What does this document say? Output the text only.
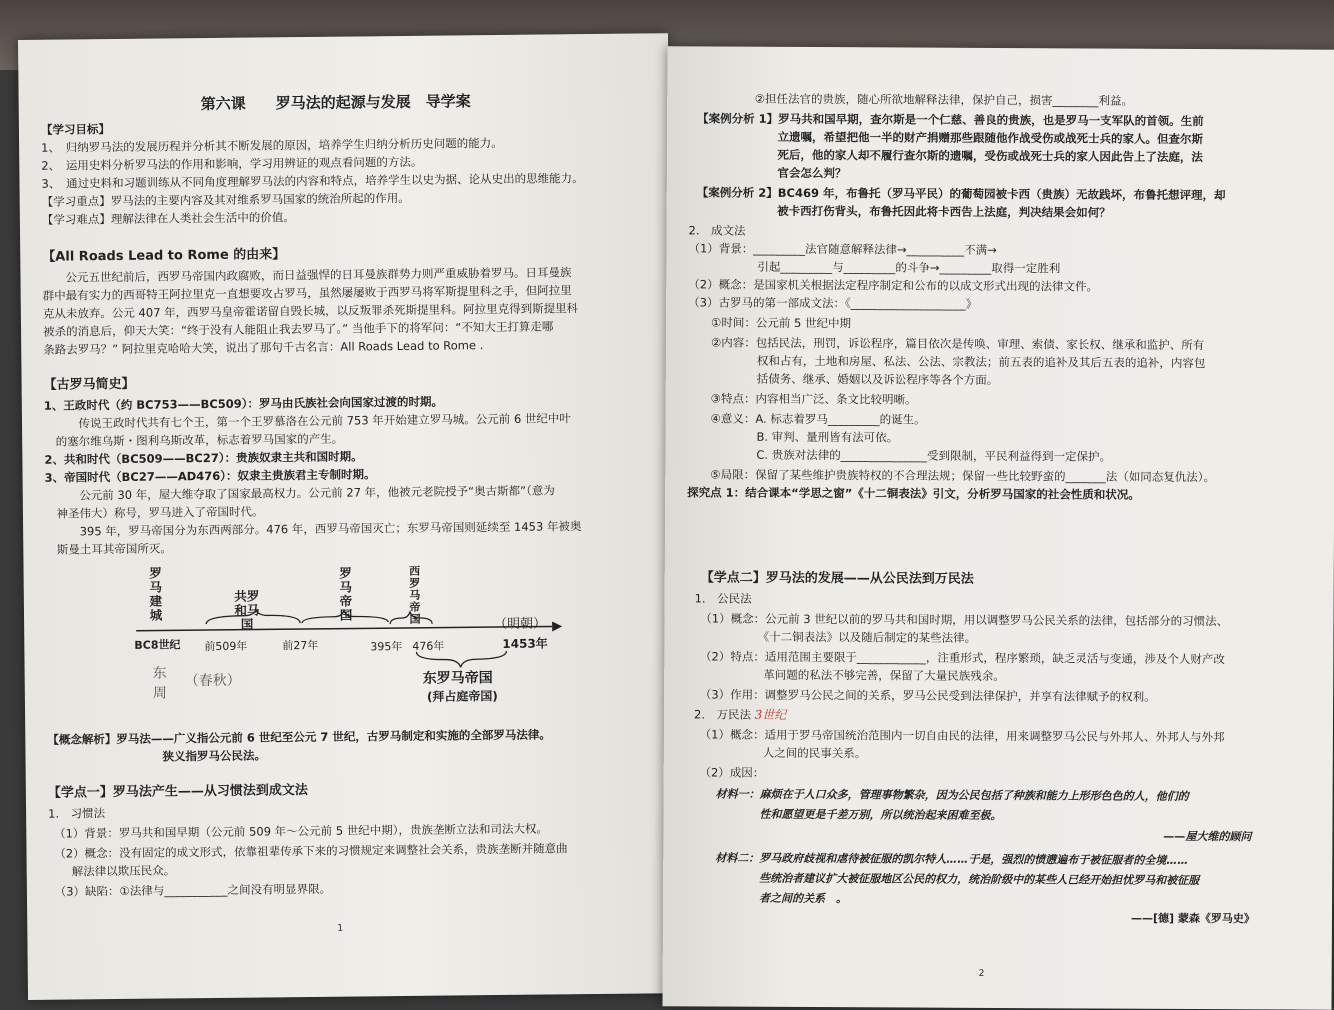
第六课　　罗马法的起源与发展　导学案
【学习目标】
1、　归纳罗马法的发展历程并分析其不断发展的原因，培养学生归纳分析历史问题的能力。
2、　运用史料分析罗马法的作用和影响，学习用辨证的观点看问题的方法。
3、　通过史料和习题训练从不同角度理解罗马法的内容和特点，培养学生以史为据、论从史出的思维能力。
【学习重点】罗马法的主要内容及其对维系罗马国家的统治所起的作用。
【学习难点】理解法律在人类社会生活中的价值。
【All Roads Lead to Rome 的由来】
　　公元五世纪前后，西罗马帝国内政腐败，而日益强悍的日耳曼族群势力则严重威胁着罗马。日耳曼族
群中最有实力的西哥特王阿拉里克一直想要攻占罗马，虽然屡屡败于西罗马将军斯提里科之手，但阿拉里
克从未放弃。公元 407 年，西罗马皇帝霍诺留自毁长城，以反叛罪杀死斯提里科。阿拉里克得到斯提里科
被杀的消息后，仰天大笑：“终于没有人能阻止我去罗马了。” 当他手下的将军问：“不知大王打算走哪
条路去罗马？” 阿拉里克哈哈大笑，说出了那句千古名言：All Roads Lead to Rome .
【古罗马简史】
1、王政时代（约 BC753——BC509）：罗马由氏族社会向国家过渡的时期。
　　　传说王政时代共有七个王，第一个王罗慕洛在公元前 753 年开始建立罗马城。公元前 6 世纪中叶
　的塞尔维乌斯・图利乌斯改革，标志着罗马国家的产生。
2、共和时代（BC509——BC27）：贵族奴隶主共和国时期。
3、帝国时代（BC27——AD476）：奴隶主贵族君主专制时期。
　　　公元前 30 年，屋大维夺取了国家最高权力。公元前 27 年，他被元老院授予“奥古斯都”（意为
　神圣伟大）称号，罗马进入了帝国时代。
　　　395 年，罗马帝国分为东西两部分。476 年，西罗马帝国灭亡；东罗马帝国则延续至 1453 年被奥
　斯曼土耳其帝国所灭。
罗马建城
共罗和马国
罗马帝国
西罗马帝国	（明朝）
BC8世纪 前509年	前27年	395年 476年	1453年
东
周
（春秋）	东罗马帝国
(拜占庭帝国)
【概念解析】罗马法——广义指公元前 6 世纪至公元 7 世纪，古罗马制定和实施的全部罗马法律。
　　　　　　　　　　狭义指罗马公民法。
【学点一】罗马法产生——从习惯法到成文法
1.　习惯法
　（1）背景：罗马共和国早期（公元前 509 年～公元前 5 世纪中期），贵族垄断立法和司法大权。
　（2）概念：没有固定的成文形式，依靠祖辈传承下来的习惯规定来调整社会关系，贵族垄断并随意曲
　　解法律以欺压民众。
　（3）缺陷：①法律与___________之间没有明显界限。
1
　　　　　②担任法官的贵族，随心所欲地解释法律，保护自己，损害________利益。
【案例分析 1】罗马共和国早期，查尔斯是一个仁慈、善良的贵族，也是罗马一支军队的首领。生前
　　　　　　　立遗嘱，希望把他一半的财产捐赠那些跟随他作战受伤或战死士兵的家人。但查尔斯
　　　　　　　死后，他的家人却不履行查尔斯的遗嘱，受伤或战死士兵的家人因此告上了法庭，法
　　　　　　　官会怎么判？
【案例分析 2】BC469 年，布鲁托（罗马平民）的葡萄园被卡西（贵族）无故践坏，布鲁托想评理，却
　　　　　　　被卡西打伤背头，布鲁托因此将卡西告上法庭，判决结果会如何？
2.　成文法
（1）背景：_________法官随意解释法律→__________不满→
　　　　　　引起_________与_________的斗争→_________取得一定胜利
（2）概念：是国家机关根据法定程序制定和公布的以成文形式出现的法律文件。
（3）古罗马的第一部成文法：《____________________》
　　①时间：公元前 5 世纪中期
　　②内容：包括民法，刑罚，诉讼程序，篇目依次是传唤、审理、索债、家长权、继承和监护、所有
　　　　　　权和占有，土地和房屋、私法、公法、宗教法；前五表的追补及其后五表的追补，内容包
　　　　　　括债务、继承、婚姻以及诉讼程序等各个方面。
　　③特点：内容相当广泛、条文比较明晰。
　　④意义：A. 标志着罗马_________的诞生。
　　　　　　B. 审判、量刑皆有法可依。
　　　　　　C. 贵族对法律的_______________受到限制，平民利益得到一定保护。
　　⑤局限：保留了某些维护贵族特权的不合理法规；保留一些比较野蛮的_______法（如同态复仇法）。
探究点 1：结合课本“学思之窗”《十二铜表法》引文，分析罗马国家的社会性质和状况。
【学点二】罗马法的发展——从公民法到万民法
1.　公民法
　（1）概念：公元前 3 世纪以前的罗马共和国时期，用以调整罗马公民关系的法律，包括部分的习惯法、
　　　　　　《十二铜表法》以及随后制定的某些法律。
　（2）特点：适用范围主要限于____________，注重形式，程序繁琐，缺乏灵活与变通，涉及个人财产改
　　　　　　革问题的私法不够完善，保留了大量民族残余。
　（3）作用：调整罗马公民之间的关系，罗马公民受到法律保护，并享有法律赋予的权利。
2.　万民法 3世纪
　（1）概念：适用于罗马帝国统治范围内一切自由民的法律，用来调整罗马公民与外邦人、外邦人与外邦
　　　　　　人之间的民事关系。
　（2）成因：
　　材料一：麻烦在于人口众多，管理事物繁杂，因为公民包括了种族和能力上形形色色的人，他们的
　　　　　　性和愿望更是千差万别，所以统治起来困难至极。
——屋大维的顾问
　　材料二：罗马政府歧视和虐待被征服的凯尔特人……于是，强烈的愤懑遍布于被征服者的全境……
　　　　　　些统治者建议扩大被征服地区公民的权力，统治阶级中的某些人已经开始担忧罗马和被征服
　　　　　　者之间的关系　。
——[德] 蒙森《罗马史》
2
